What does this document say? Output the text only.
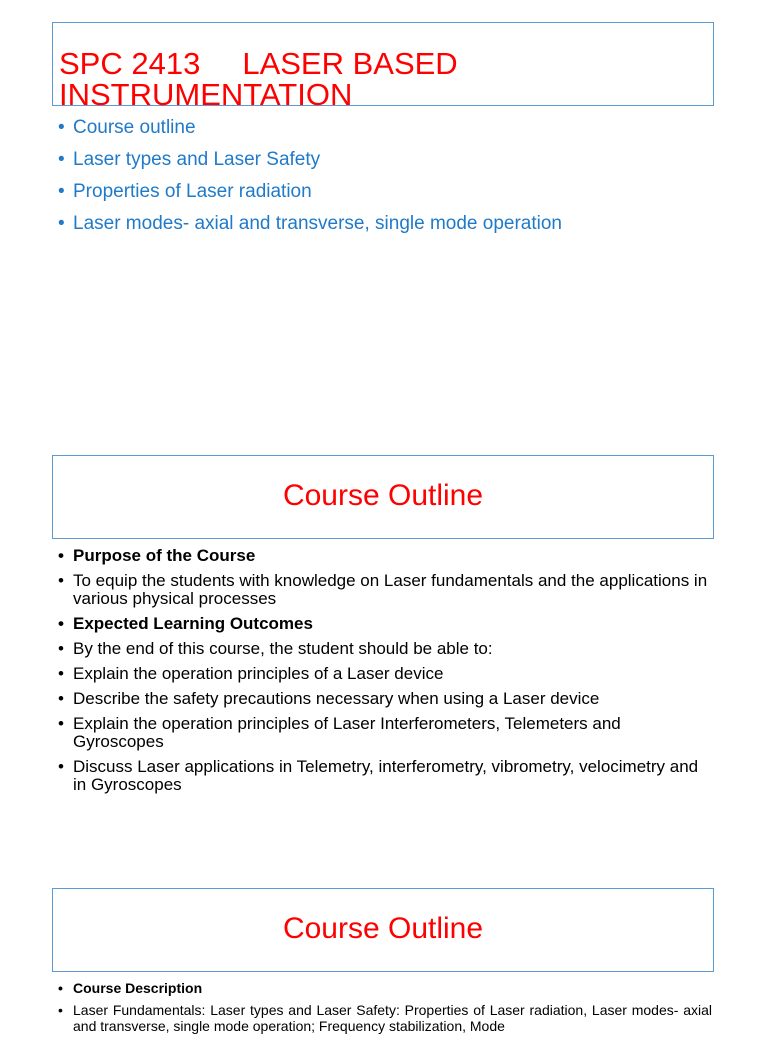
SPC 2413 LASER BASED INSTRUMENTATION
• Course outline
• Laser types and Laser Safety
• Properties of Laser radiation
• Laser modes- axial and transverse, single mode operation
Course Outline
• Purpose of the Course
• To equip the students with knowledge on Laser fundamentals and the applications in various physical processes
• Expected Learning Outcomes
• By the end of this course, the student should be able to:
• Explain the operation principles of a Laser device
• Describe the safety precautions necessary when using a Laser device
• Explain the operation principles of Laser Interferometers, Telemeters and Gyroscopes
• Discuss Laser applications in Telemetry, interferometry, vibrometry, velocimetry and in Gyroscopes
Course Outline
• Course Description
• Laser Fundamentals: Laser types and Laser Safety: Properties of Laser radiation, Laser modes- axial and transverse, single mode operation; Frequency stabilization, Mode
